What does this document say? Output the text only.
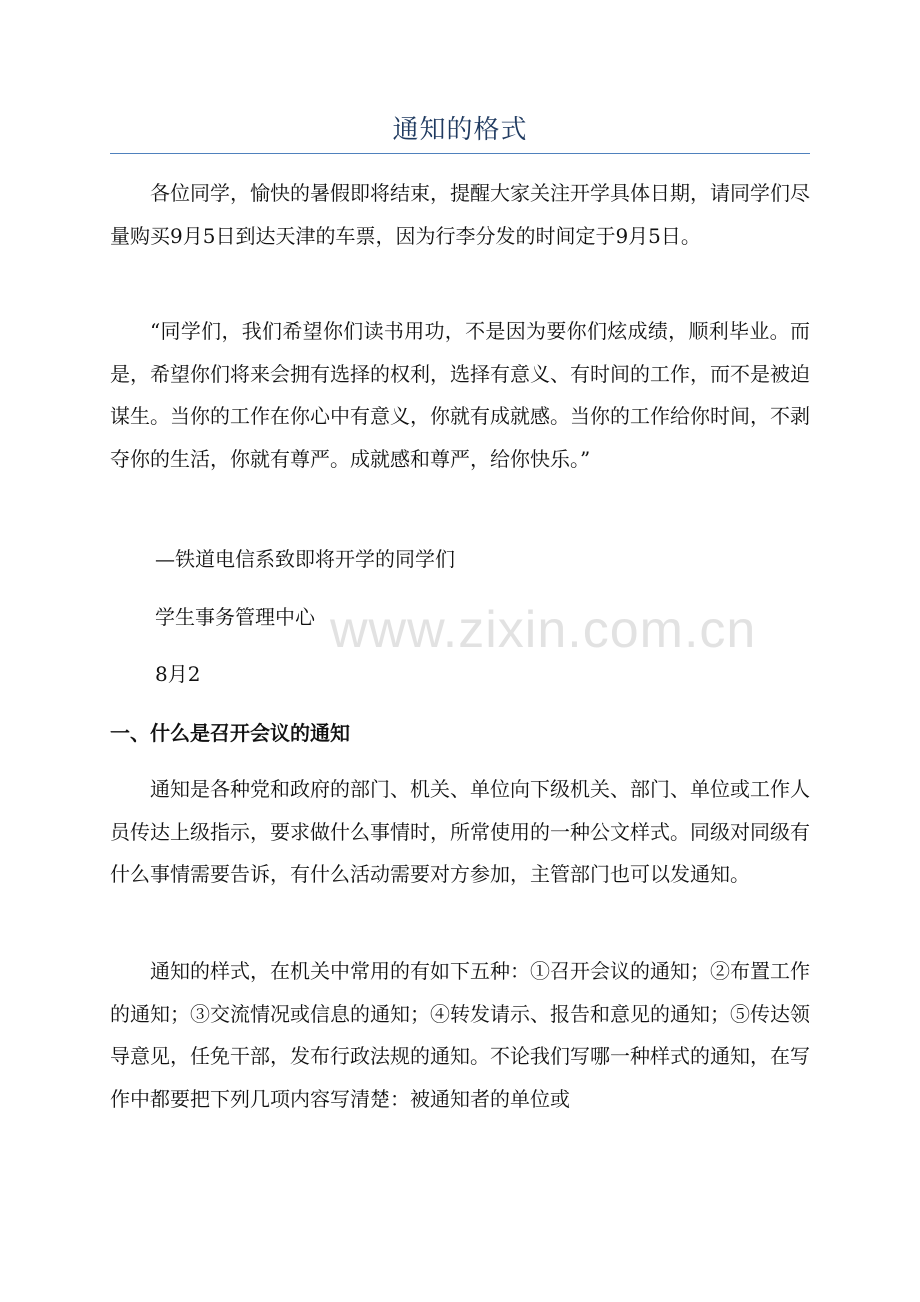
通知的格式

各位同学，愉快的暑假即将结束，提醒大家关注开学具体日期，请同学们尽量购买9月5日到达天津的车票，因为行李分发的时间定于9月5日。

“同学们，我们希望你们读书用功，不是因为要你们炫成绩，顺利毕业。而是，希望你们将来会拥有选择的权利，选择有意义、有时间的工作，而不是被迫谋生。当你的工作在你心中有意义，你就有成就感。当你的工作给你时间，不剥夺你的生活，你就有尊严。成就感和尊严，给你快乐。”

—铁道电信系致即将开学的同学们

学生事务管理中心

8月2

一、什么是召开会议的通知

通知是各种党和政府的部门、机关、单位向下级机关、部门、单位或工作人员传达上级指示，要求做什么事情时，所常使用的一种公文样式。同级对同级有什么事情需要告诉，有什么活动需要对方参加，主管部门也可以发通知。

通知的样式，在机关中常用的有如下五种：①召开会议的通知；②布置工作的通知；③交流情况或信息的通知；④转发请示、报告和意见的通知；⑤传达领导意见，任免干部，发布行政法规的通知。不论我们写哪一种样式的通知，在写作中都要把下列几项内容写清楚：被通知者的单位或

www.zixin.com.cn
